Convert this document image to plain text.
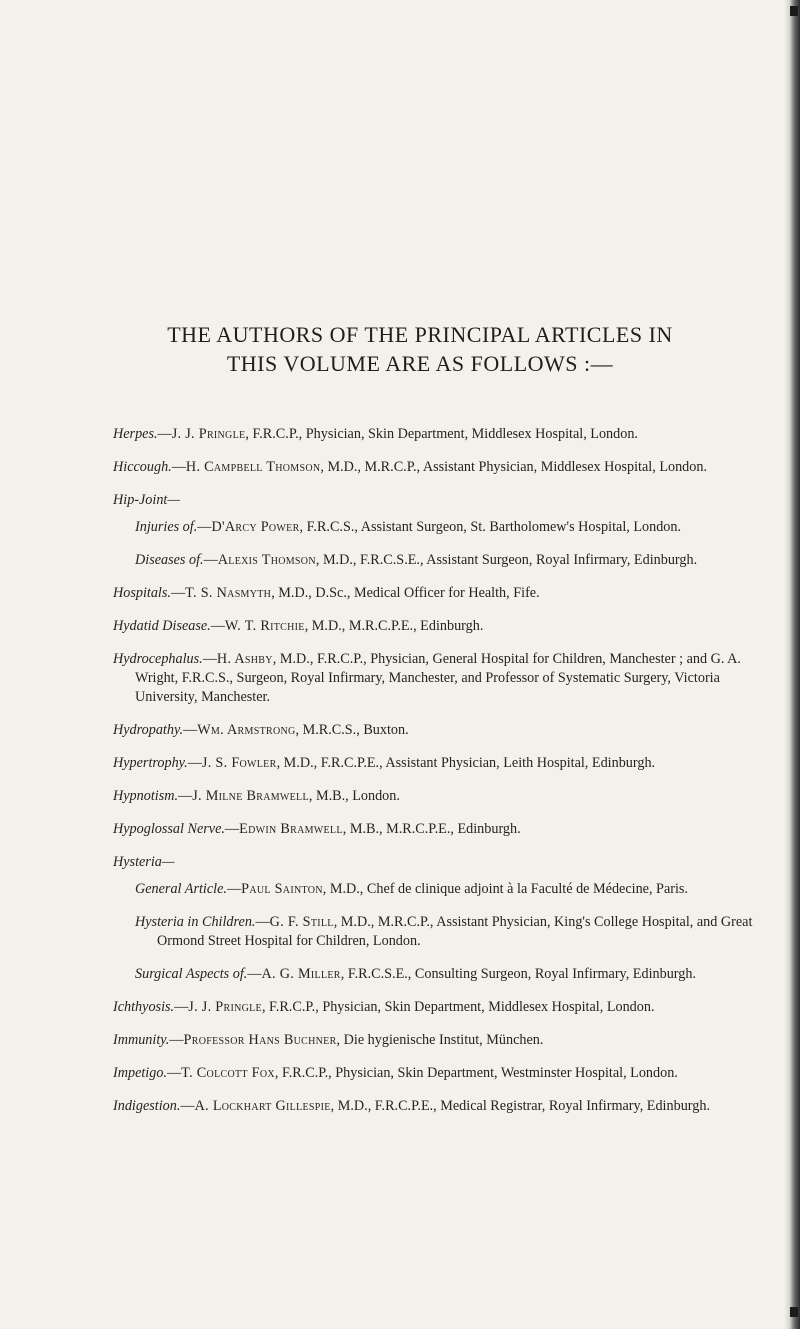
THE AUTHORS OF THE PRINCIPAL ARTICLES IN
THIS VOLUME ARE AS FOLLOWS :—

Herpes.—J. J. Pringle, F.R.C.P., Physician, Skin Department, Middlesex Hospital, London.

Hiccough.—H. Campbell Thomson, M.D., M.R.C.P., Assistant Physician, Middlesex Hospital, London.

Hip-Joint—

Injuries of.—D'Arcy Power, F.R.C.S., Assistant Surgeon, St. Bartholomew's Hospital, London.

Diseases of.—Alexis Thomson, M.D., F.R.C.S.E., Assistant Surgeon, Royal Infirmary, Edinburgh.

Hospitals.—T. S. Nasmyth, M.D., D.Sc., Medical Officer for Health, Fife.

Hydatid Disease.—W. T. Ritchie, M.D., M.R.C.P.E., Edinburgh.

Hydrocephalus.—H. Ashby, M.D., F.R.C.P., Physician, General Hospital for Children, Manchester ; and G. A. Wright, F.R.C.S., Surgeon, Royal Infirmary, Manchester, and Professor of Systematic Surgery, Victoria University, Manchester.

Hydropathy.—Wm. Armstrong, M.R.C.S., Buxton.

Hypertrophy.—J. S. Fowler, M.D., F.R.C.P.E., Assistant Physician, Leith Hospital, Edinburgh.

Hypnotism.—J. Milne Bramwell, M.B., London.

Hypoglossal Nerve.—Edwin Bramwell, M.B., M.R.C.P.E., Edinburgh.

Hysteria—

General Article.—Paul Sainton, M.D., Chef de clinique adjoint à la Faculté de Médecine, Paris.

Hysteria in Children.—G. F. Still, M.D., M.R.C.P., Assistant Physician, King's College Hospital, and Great Ormond Street Hospital for Children, London.

Surgical Aspects of.—A. G. Miller, F.R.C.S.E., Consulting Surgeon, Royal Infirmary, Edinburgh.

Ichthyosis.—J. J. Pringle, F.R.C.P., Physician, Skin Department, Middlesex Hospital, London.

Immunity.—Professor Hans Buchner, Die hygienische Institut, München.

Impetigo.—T. Colcott Fox, F.R.C.P., Physician, Skin Department, Westminster Hospital, London.

Indigestion.—A. Lockhart Gillespie, M.D., F.R.C.P.E., Medical Registrar, Royal Infirmary, Edinburgh.
